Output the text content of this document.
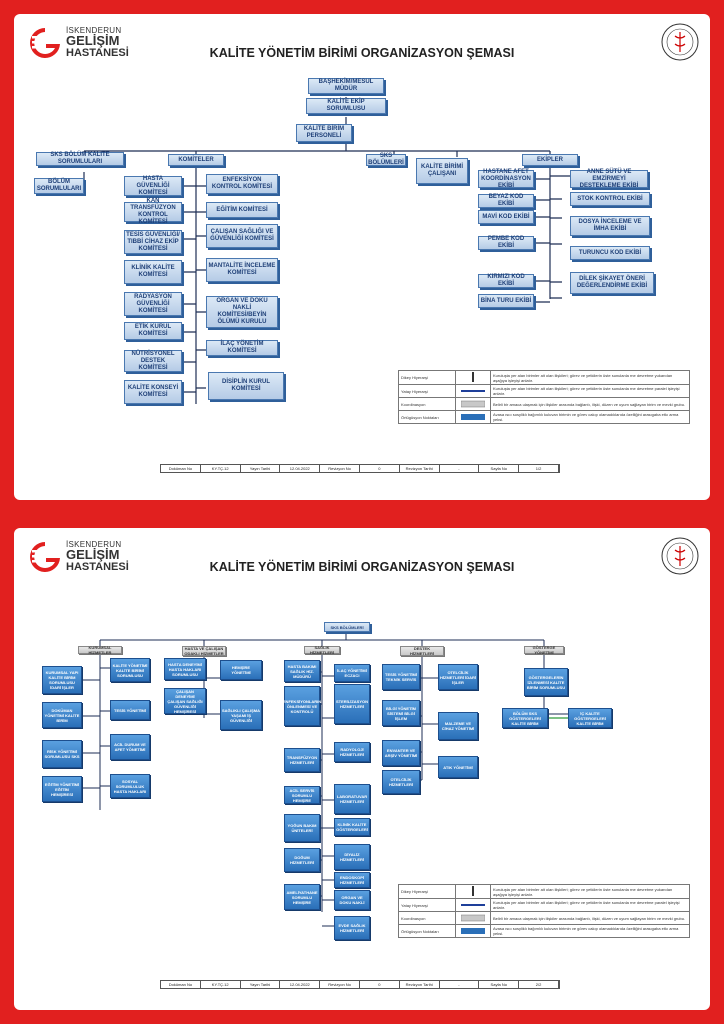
İSKENDERUN
GELİŞİM
HASTANESİ	KALİTE YÖNETİM BİRİMİ ORGANİZASYON ŞEMASI
BAŞHEKİM/MESUL MÜDÜR
KALİTE EKİP SORUMLUSU
KALİTE BİRİM PERSONELİ
SKS BÖLÜM KALİTE SORUMLULARI	KOMİTELER
SKS BÖLÜMLERİ
KALİTE BİRİMİ ÇALIŞANI
EKİPLER
BÖLÜM SORUMLULARI
HASTA GÜVENLİĞİ KOMİTESİ
KAN TRANSFÜZYON KONTROL KOMİTESİ
TESİS GÜVENLİĞİ/ TIBBİ CİHAZ EKİP KOMİTESİ
KLİNİK KALİTE KOMİTESİ
RADYASYON GÜVENLİĞİ KOMİTESİ
ETİK KURUL KOMİTESİ
NÜTRİSYONEL DESTEK KOMİTESİ
KALİTE KONSEYİ KOMİTESİ
ENFEKSİYON KONTROL KOMİTESİ
EĞİTİM KOMİTESİ
ÇALIŞAN SAĞLIĞI VE GÜVENLİĞİ KOMİTESİ
MANTALİTE İNCELEME KOMİTESİ
ORGAN VE DOKU NAKLİ KOMİTESİ/BEYİN ÖLÜMÜ KURULU
İLAÇ YÖNETİM KOMİTESİ
DİSİPLİN KURUL KOMİTESİ
HASTANE AFET KOORDİNASYON EKİBİ
BEYAZ KOD EKİBİ
MAVİ KOD EKİBİ
PEMBE KOD EKİBİ
KIRMIZI KOD EKİBİ
BİNA TURU EKİBİ
ANNE SÜTÜ VE EMZİRMEYİ DESTEKLEME EKİBİ
STOK KONTROL EKİBİ
DOSYA İNCELEME VE İMHA EKİBİ
TURUNCU KOD EKİBİ
DİLEK ŞİKAYET ÖNERİ DEĞERLENDİRME EKİBİ
Dikey Hiyerarşi		Kuruluşta yer alan birimler ait olan ilişkileri; görev ve yetkilerin üste sunulanla rne devretme yukarıdan aşağıya işleyişi anlatır.
Yatay Hiyerarşi		Kuruluşta yer alan birimler ait olan ilişkileri; görev ve yetkilerin üste sunulanla rne devretme paralel işleyişi anlatır.
Koordinasyon		Belirli bir amaca ulaşmak için ilişkiler arasında bağlantı, ilişki, düzen ve uyum sağlayan birim ve mevki grubu.
Örtügüsyon Noktaları		Avasa ısıo sosyliklı bağımlılı kuluvan birimin ve görev cakıp olamadıklarıda özelliğini arasıgaba etkı arma yeksi.
Doküman No	KY.TÇ.12	Yayın Tarihi	12.04.2022	Revizyon No	0	Revizyon Tarihi	-	Sayfa No	1/2
İSKENDERUN
GELİŞİM
HASTANESİ	KALİTE YÖNETİM BİRİMİ ORGANİZASYON ŞEMASI
SKS BÖLÜMLERİ
KURUMSAL HİZMETLER
HASTA VE ÇALIŞAN ODAKLI HİZMETLER
SAĞLIK HİZMETLERİ
DESTEK HİZMETLERİ
GÖSTERGE YÖNETİMİ
KURUMSAL YAPI KALİTE BİRİM SORUMLUSU İDARİ İŞLER
DOKÜMAN YÖNETİMİ KALİTE BİRİM
RİSK YÖNETİMİ SORUMLUSU SKS
EĞİTİM YÖNETİMİ EĞİTİM HEMŞİRESİ
KALİTE YÖNETİMİ KALİTE BİRİMİ SORUMLUSU
TESİS YÖNETİMİ
ACİL DURUM VE AFET YÖNETİMİ
SOSYAL SORUMLULUK HASTA HAKLARI
HASTA DENEYİMİ HASTA HAKLARI SORUMLUSU
ÇALIŞAN DENEYİMİ ÇALIŞAN SAĞLIĞI GÜVENLİĞİ HEMŞİRESİ
HEMŞİRE YÖNETİMİ
SAĞLIKLI ÇALIŞMA YAŞAMI İŞ GÜVENLİĞİ
HASTA BAKIMI SAĞLIK HİZ. MÜDÜRÜ
ENFEKSİYONLARIN ÖNLENMESİ VE KONTROLÜ
TRANSFÜZYON HİZMETLERİ
ACİL SERVİS SORUMLU HEMŞİRE
YOĞUN BAKIM ÜNİTELERİ
DOĞUM HİZMETLERİ
AMELİYATHANE SORUMLU HEMŞİRE
İLAÇ YÖNETİMİ ECZACI
STERİLİZASYON HİZMETLERİ
RADYOLOJİ HİZMETLERİ
LABORATUVAR HİZMETLERİ
KLİNİK KALİTE GÖSTERGELERİ
DİYALİZ HİZMETLERİ
ENDOSKOPİ HİZMETLERİ
ORGAN VE DOKU NAKLİ
EVDE SAĞLIK HİZMETLERİ
TESİS YÖNETİMİ TEKNİK SERVİS
BİLGİ YÖNETİM SİSTEMİ BİLGİ İŞLEM
ENVANTER VE ARŞİV YÖNETİMİ
OTELCİLİK HİZMETLERİ
OTELCİLİK HİZMETLERİ İDARİ İŞLER
MALZEME VE CİHAZ YÖNETİMİ
ATIK YÖNETİMİ
GÖSTERGELERİN İZLENMESİ KALİTE BİRİM SORUMLUSU
BÖLÜM SKS GÖSTERGELERİ KALİTE BİRİM
İÇ KALİTE GÖSTERGELERİ KALİTE BİRİM
Dikey Hiyerarşi		Kuruluşta yer alan birimler ait olan ilişkileri; görev ve yetkilerin üste sunulanla rne devretme yukarıdan aşağıya işleyişi anlatır.
Yatay Hiyerarşi		Kuruluşta yer alan birimler ait olan ilişkileri; görev ve yetkilerin üste sunulanla rne devretme paralel işleyişi anlatır.
Koordinasyon		Belirli bir amaca ulaşmak için ilişkiler arasında bağlantı, ilişki, düzen ve uyum sağlayan birim ve mevki grubu.
Örtügüsyon Noktaları		Avasa ısıo sosyliklı bağımlılı kuluvan birimin ve görev cakıp olamadıklarıda özelliğini arasıgaba etkı arma yeksi.
Doküman No	KY.TÇ.12	Yayın Tarihi	12.04.2022	Revizyon No	0	Revizyon Tarihi	-	Sayfa No	2/2
